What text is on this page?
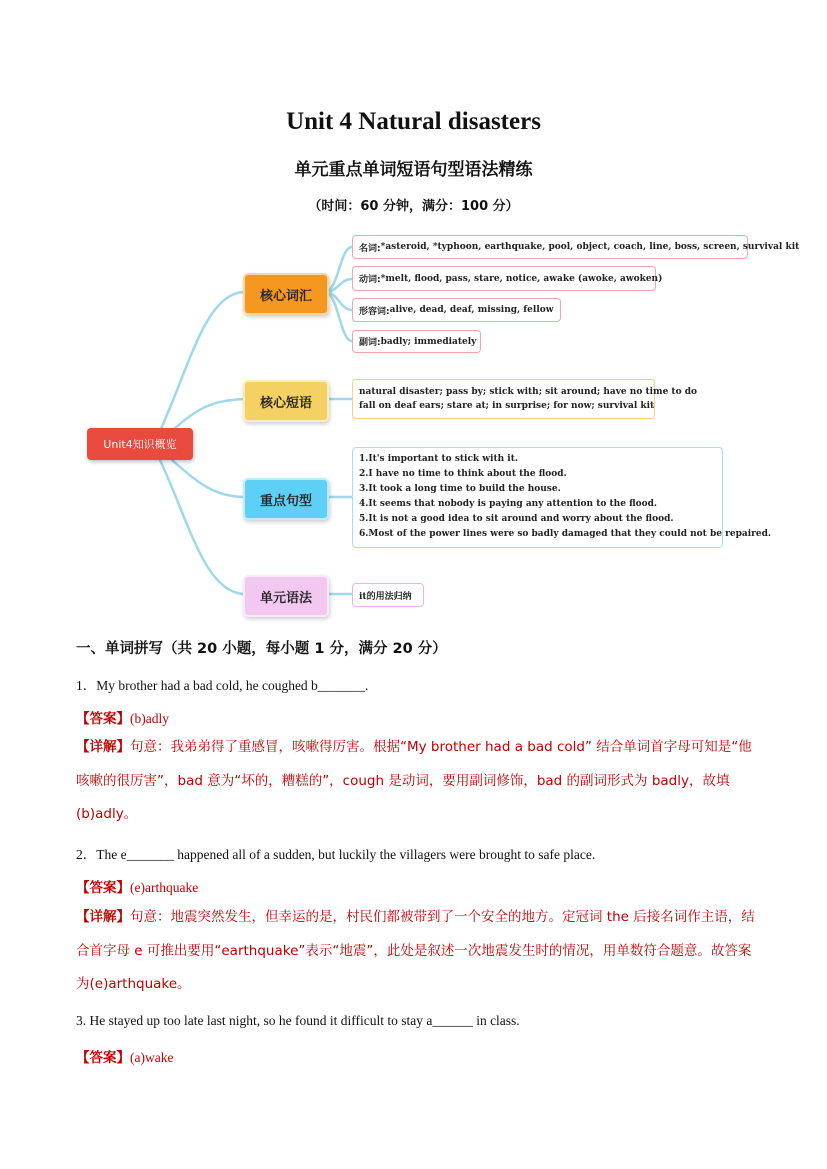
Unit 4 Natural disasters
单元重点单词短语句型语法精练
（时间：60 分钟，满分：100 分）
Unit4知识概览
核心词汇
核心短语
重点句型
单元语法
名词: *asteroid, *typhoon, earthquake, pool, object, coach, line, boss, screen, survival kit
动词: *melt, flood, pass, stare, notice, awake (awoke, awoken)
形容词: alive, dead, deaf, missing, fellow
副词: badly; immediately
natural disaster; pass by; stick with; sit around; have no time to do
fall on deaf ears; stare at; in surprise; for now; survival kit
1.It's important to stick with it.
2.I have no time to think about the flood.
3.It took a long time to build the house.
4.It seems that nobody is paying any attention to the flood.
5.It is not a good idea to sit around and worry about the flood.
6.Most of the power lines were so badly damaged that they could not be repaired.
it的用法归纳
一、单词拼写（共 20 小题，每小题 1 分，满分 20 分）
1．My brother had a bad cold, he coughed b_______.
【答案】(b)adly
【详解】句意：我弟弟得了重感冒，咳嗽得厉害。根据“My brother had a bad cold” 结合单词首字母可知是“他咳嗽的很厉害”，bad 意为“坏的，糟糕的”，cough 是动词，要用副词修饰，bad 的副词形式为 badly，故填(b)adly。
2．The e_______ happened all of a sudden, but luckily the villagers were brought to safe place.
【答案】(e)arthquake
【详解】句意：地震突然发生，但幸运的是，村民们都被带到了一个安全的地方。定冠词 the 后接名词作主语，结合首字母 e 可推出要用“earthquake”表示“地震”，此处是叙述一次地震发生时的情况，用单数符合题意。故答案为(e)arthquake。
3. He stayed up too late last night, so he found it difficult to stay a______ in class.
【答案】(a)wake
